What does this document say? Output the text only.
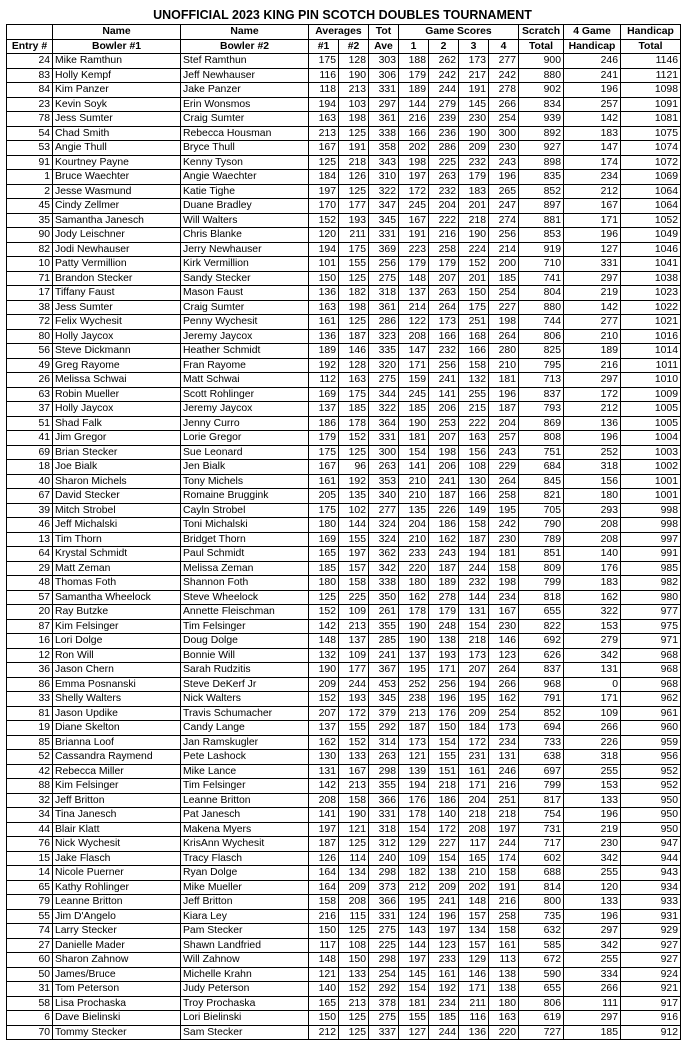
UNOFFICIAL 2023 KING PIN SCOTCH DOUBLES TOURNAMENT
	Name	Name	Averages		Tot	Game Scores				Scratch	4 Game	Handicap
Entry #	Bowler #1	Bowler #2	#1	#2	Ave	1	2	3	4	Total	Handicap	Total
24	Mike Ramthun	Stef Ramthun	175	128	303	188	262	173	277	900	246	1146
83	Holly Kempf	Jeff Newhauser	116	190	306	179	242	217	242	880	241	1121
84	Kim Panzer	Jake Panzer	118	213	331	189	244	191	278	902	196	1098
23	Kevin Soyk	Erin Wonsmos	194	103	297	144	279	145	266	834	257	1091
78	Jess Sumter	Craig Sumter	163	198	361	216	239	230	254	939	142	1081
54	Chad Smith	Rebecca Housman	213	125	338	166	236	190	300	892	183	1075
53	Angie Thull	Bryce Thull	167	191	358	202	286	209	230	927	147	1074
91	Kourtney Payne	Kenny Tyson	125	218	343	198	225	232	243	898	174	1072
1	Bruce Waechter	Angie Waechter	184	126	310	197	263	179	196	835	234	1069
2	Jesse Wasmund	Katie Tighe	197	125	322	172	232	183	265	852	212	1064
45	Cindy Zellmer	Duane Bradley	170	177	347	245	204	201	247	897	167	1064
35	Samantha Janesch	Will Walters	152	193	345	167	222	218	274	881	171	1052
90	Jody Leischner	Chris Blanke	120	211	331	191	216	190	256	853	196	1049
82	Jodi Newhauser	Jerry Newhauser	194	175	369	223	258	224	214	919	127	1046
10	Patty Vermillion	Kirk Vermillion	101	155	256	179	179	152	200	710	331	1041
71	Brandon Stecker	Sandy Stecker	150	125	275	148	207	201	185	741	297	1038
17	Tiffany Faust	Mason Faust	136	182	318	137	263	150	254	804	219	1023
38	Jess Sumter	Craig Sumter	163	198	361	214	264	175	227	880	142	1022
72	Felix Wychesit	Penny Wychesit	161	125	286	122	173	251	198	744	277	1021
80	Holly Jaycox	Jeremy Jaycox	136	187	323	208	166	168	264	806	210	1016
56	Steve Dickmann	Heather Schmidt	189	146	335	147	232	166	280	825	189	1014
49	Greg Rayome	Fran Rayome	192	128	320	171	256	158	210	795	216	1011
26	Melissa Schwai	Matt Schwai	112	163	275	159	241	132	181	713	297	1010
63	Robin Mueller	Scott Rohlinger	169	175	344	245	141	255	196	837	172	1009
37	Holly Jaycox	Jeremy Jaycox	137	185	322	185	206	215	187	793	212	1005
51	Shad Falk	Jenny Curro	186	178	364	190	253	222	204	869	136	1005
41	Jim Gregor	Lorie Gregor	179	152	331	181	207	163	257	808	196	1004
69	Brian Stecker	Sue Leonard	175	125	300	154	198	156	243	751	252	1003
18	Joe Bialk	Jen Bialk	167	96	263	141	206	108	229	684	318	1002
40	Sharon Michels	Tony Michels	161	192	353	210	241	130	264	845	156	1001
67	David Stecker	Romaine Bruggink	205	135	340	210	187	166	258	821	180	1001
39	Mitch Strobel	Cayln Strobel	175	102	277	135	226	149	195	705	293	998
46	Jeff Michalski	Toni Michalski	180	144	324	204	186	158	242	790	208	998
13	Tim Thorn	Bridget Thorn	169	155	324	210	162	187	230	789	208	997
64	Krystal Schmidt	Paul Schmidt	165	197	362	233	243	194	181	851	140	991
29	Matt Zeman	Melissa Zeman	185	157	342	220	187	244	158	809	176	985
48	Thomas Foth	Shannon Foth	180	158	338	180	189	232	198	799	183	982
57	Samantha Wheelock	Steve Wheelock	125	225	350	162	278	144	234	818	162	980
20	Ray Butzke	Annette Fleischman	152	109	261	178	179	131	167	655	322	977
87	Kim Felsinger	Tim Felsinger	142	213	355	190	248	154	230	822	153	975
16	Lori Dolge	Doug Dolge	148	137	285	190	138	218	146	692	279	971
12	Ron Will	Bonnie Will	132	109	241	137	193	173	123	626	342	968
36	Jason Chern	Sarah Rudzitis	190	177	367	195	171	207	264	837	131	968
86	Emma Posnanski	Steve DeKerf Jr	209	244	453	252	256	194	266	968	0	968
33	Shelly Walters	Nick Walters	152	193	345	238	196	195	162	791	171	962
81	Jason Updike	Travis Schumacher	207	172	379	213	176	209	254	852	109	961
19	Diane Skelton	Candy Lange	137	155	292	187	150	184	173	694	266	960
85	Brianna Loof	Jan Ramskugler	162	152	314	173	154	172	234	733	226	959
52	Cassandra Raymend	Pete Lashock	130	133	263	121	155	231	131	638	318	956
42	Rebecca Miller	Mike Lance	131	167	298	139	151	161	246	697	255	952
88	Kim Felsinger	Tim Felsinger	142	213	355	194	218	171	216	799	153	952
32	Jeff Britton	Leanne Britton	208	158	366	176	186	204	251	817	133	950
34	Tina Janesch	Pat Janesch	141	190	331	178	140	218	218	754	196	950
44	Blair Klatt	Makena Myers	197	121	318	154	172	208	197	731	219	950
76	Nick Wychesit	KrisAnn Wychesit	187	125	312	129	227	117	244	717	230	947
15	Jake Flasch	Tracy Flasch	126	114	240	109	154	165	174	602	342	944
14	Nicole Puerner	Ryan Dolge	164	134	298	182	138	210	158	688	255	943
65	Kathy Rohlinger	Mike Mueller	164	209	373	212	209	202	191	814	120	934
79	Leanne Britton	Jeff Britton	158	208	366	195	241	148	216	800	133	933
55	Jim D'Angelo	Kiara Ley	216	115	331	124	196	157	258	735	196	931
74	Larry Stecker	Pam Stecker	150	125	275	143	197	134	158	632	297	929
27	Danielle Mader	Shawn Landfried	117	108	225	144	123	157	161	585	342	927
60	Sharon Zahnow	Will Zahnow	148	150	298	197	233	129	113	672	255	927
50	James/Bruce	Michelle Krahn	121	133	254	145	161	146	138	590	334	924
31	Tom Peterson	Judy Peterson	140	152	292	154	192	171	138	655	266	921
58	Lisa Prochaska	Troy Prochaska	165	213	378	181	234	211	180	806	111	917
6	Dave Bielinski	Lori Bielinski	150	125	275	155	185	116	163	619	297	916
70	Tommy Stecker	Sam Stecker	212	125	337	127	244	136	220	727	185	912
